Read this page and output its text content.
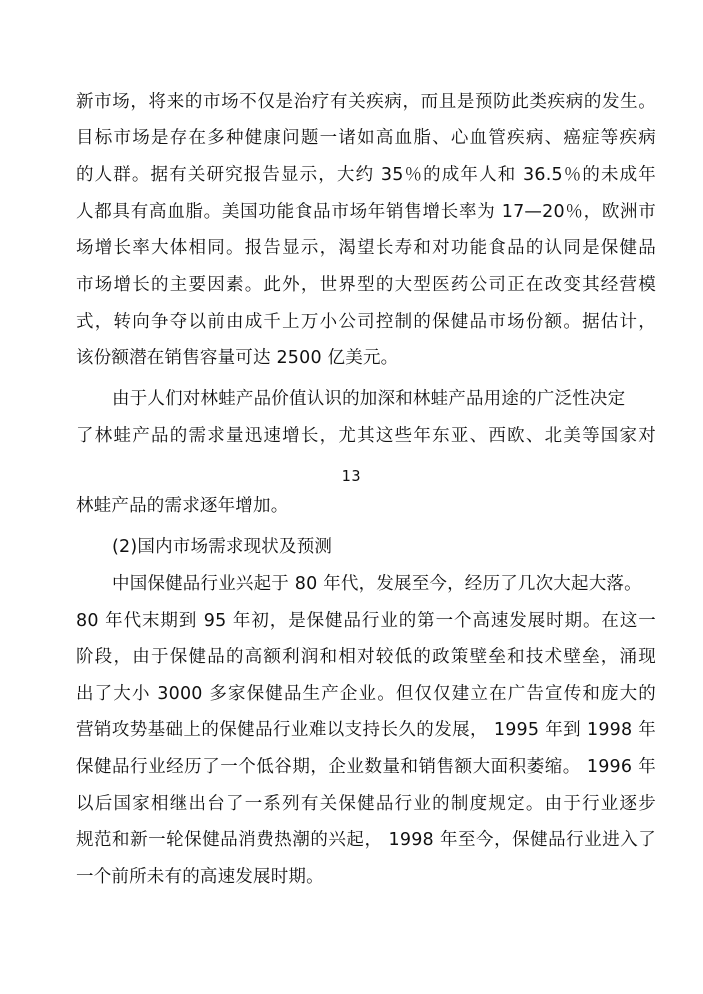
新市场，将来的市场不仅是治疗有关疾病，而且是预防此类疾病的发生。
目标市场是存在多种健康问题一诸如高血脂、心血管疾病、癌症等疾病
的人群。据有关研究报告显示，大约 35％的成年人和 36.5％的未成年
人都具有高血脂。美国功能食品市场年销售增长率为 17—20％，欧洲市
场增长率大体相同。报告显示，渴望长寿和对功能食品的认同是保健品
市场增长的主要因素。此外，世界型的大型医药公司正在改变其经营模
式，转向争夺以前由成千上万小公司控制的保健品市场份额。据估计，
该份额潜在销售容量可达 2500 亿美元。
由于人们对林蛙产品价值认识的加深和林蛙产品用途的广泛性决定
了林蛙产品的需求量迅速增长，尤其这些年东亚、西欧、北美等国家对
13
林蛙产品的需求逐年增加。
(2)国内市场需求现状及预测
中国保健品行业兴起于 80 年代，发展至今，经历了几次大起大落。
80 年代末期到 95 年初，是保健品行业的第一个高速发展时期。在这一
阶段，由于保健品的高额利润和相对较低的政策壁垒和技术壁垒，涌现
出了大小 3000 多家保健品生产企业。但仅仅建立在广告宣传和庞大的
营销攻势基础上的保健品行业难以支持长久的发展， 1995 年到 1998 年
保健品行业经历了一个低谷期，企业数量和销售额大面积萎缩。 1996 年
以后国家相继出台了一系列有关保健品行业的制度规定。由于行业逐步
规范和新一轮保健品消费热潮的兴起， 1998 年至今，保健品行业进入了
一个前所未有的高速发展时期。
